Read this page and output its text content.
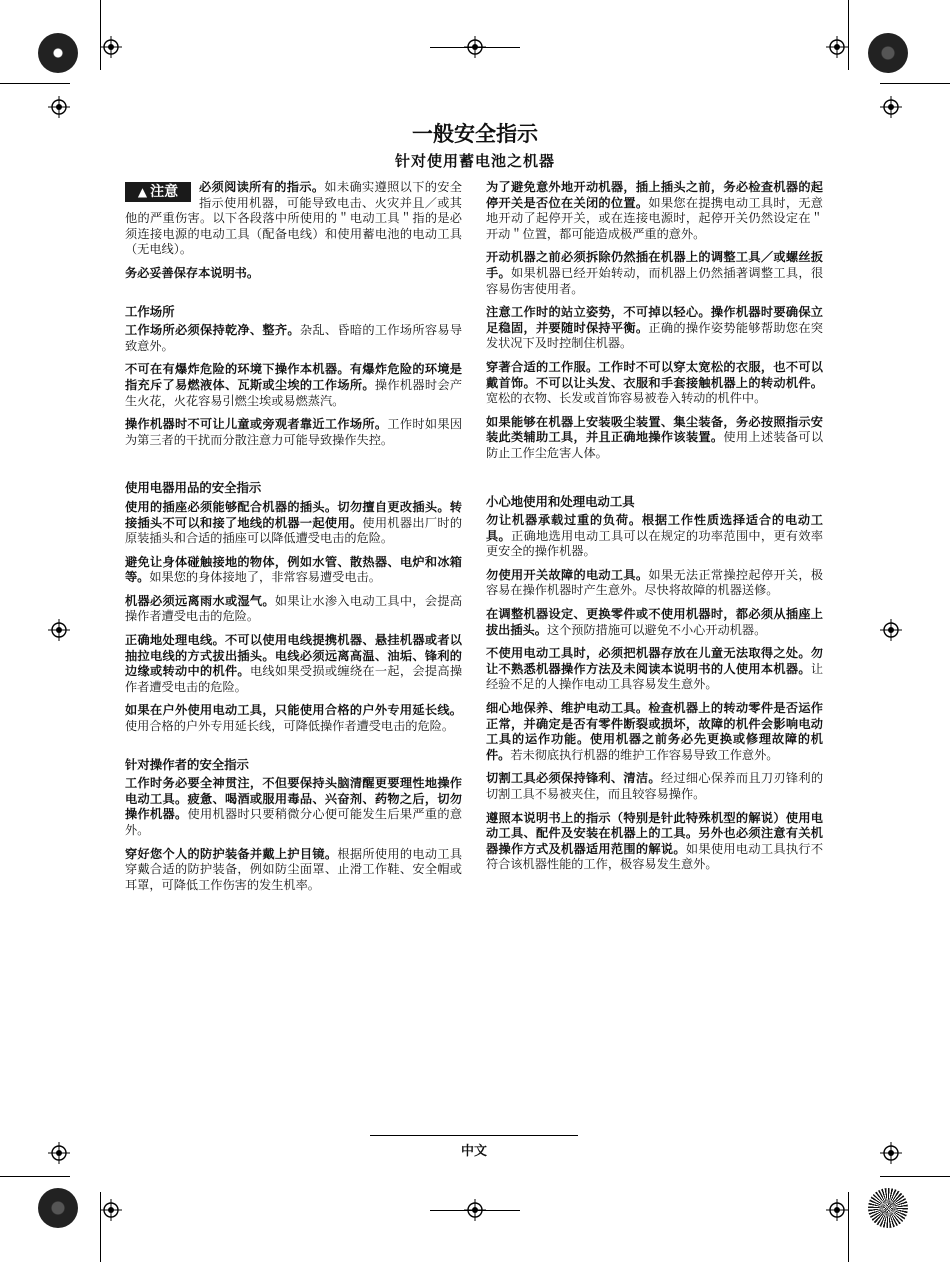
一般安全指示
针对使用蓄电池之机器
▲ 注意	必须阅读所有的指示。如未确实遵照以下的安全指示使用机器，可能导致电击、火灾并且／或其他的严重伤害。以下各段落中所使用的＂电动工具＂指的是必须连接电源的电动工具（配备电线）和使用蓄电池的电动工具（无电线）。

务必妥善保存本说明书。

工作场所

工作场所必须保持乾净、整齐。杂乱、昏暗的工作场所容易导致意外。

不可在有爆炸危险的环境下操作本机器。有爆炸危险的环境是指充斥了易燃液体、瓦斯或尘埃的工作场所。操作机器时会产生火花，火花容易引燃尘埃或易燃蒸汽。

操作机器时不可让儿童或旁观者靠近工作场所。工作时如果因为第三者的干扰而分散注意力可能导致操作失控。

使用电器用品的安全指示

使用的插座必须能够配合机器的插头。切勿擅自更改插头。转接插头不可以和接了地线的机器一起使用。使用机器出厂时的原装插头和合适的插座可以降低遭受电击的危险。

避免让身体碰触接地的物体，例如水管、散热器、电炉和冰箱等。如果您的身体接地了，非常容易遭受电击。

机器必须远离雨水或湿气。如果让水渗入电动工具中，会提高操作者遭受电击的危险。

正确地处理电线。不可以使用电线提携机器、悬挂机器或者以抽拉电线的方式拔出插头。电线必须远离高温、油垢、锋利的边缘或转动中的机件。电线如果受损或缠绕在一起，会提高操作者遭受电击的危险。

如果在户外使用电动工具，只能使用合格的户外专用延长线。使用合格的户外专用延长线，可降低操作者遭受电击的危险。

针对操作者的安全指示

工作时务必要全神贯注，不但要保持头脑清醒更要理性地操作电动工具。疲惫、喝酒或服用毒品、兴奋剂、药物之后，切勿操作机器。使用机器时只要稍微分心便可能发生后果严重的意外。

穿好您个人的防护装备并戴上护目镜。根据所使用的电动工具穿戴合适的防护装备，例如防尘面罩、止滑工作鞋、安全帽或耳罩，可降低工作伤害的发生机率。

为了避免意外地开动机器，插上插头之前，务必检查机器的起停开关是否位在关闭的位置。如果您在提携电动工具时，无意地开动了起停开关，或在连接电源时，起停开关仍然设定在＂开动＂位置，都可能造成极严重的意外。

开动机器之前必须拆除仍然插在机器上的调整工具／或螺丝扳手。如果机器已经开始转动，而机器上仍然插著调整工具，很容易伤害使用者。

注意工作时的站立姿势，不可掉以轻心。操作机器时要确保立足稳固，并要随时保持平衡。正确的操作姿势能够帮助您在突发状况下及时控制住机器。

穿著合适的工作服。工作时不可以穿太宽松的衣服，也不可以戴首饰。不可以让头发、衣服和手套接触机器上的转动机件。宽松的衣物、长发或首饰容易被卷入转动的机件中。

如果能够在机器上安装吸尘装置、集尘装备，务必按照指示安装此类辅助工具，并且正确地操作该装置。使用上述装备可以防止工作尘危害人体。

小心地使用和处理电动工具

勿让机器承载过重的负荷。根据工作性质选择适合的电动工具。正确地选用电动工具可以在规定的功率范围中，更有效率更安全的操作机器。

勿使用开关故障的电动工具。如果无法正常操控起停开关，极容易在操作机器时产生意外。尽快将故障的机器送修。

在调整机器设定、更换零件或不使用机器时，都必须从插座上拔出插头。这个预防措施可以避免不小心开动机器。

不使用电动工具时，必须把机器存放在儿童无法取得之处。勿让不熟悉机器操作方法及未阅读本说明书的人使用本机器。让经验不足的人操作电动工具容易发生意外。

细心地保养、维护电动工具。检查机器上的转动零件是否运作正常，并确定是否有零件断裂或损坏，故障的机件会影响电动工具的运作功能。使用机器之前务必先更换或修理故障的机件。若未彻底执行机器的维护工作容易导致工作意外。

切割工具必须保持锋利、清洁。经过细心保养而且刀刃锋利的切割工具不易被夹住，而且较容易操作。

遵照本说明书上的指示（特别是针此特殊机型的解说）使用电动工具、配件及安装在机器上的工具。另外也必须注意有关机器操作方式及机器适用范围的解说。如果使用电动工具执行不符合该机器性能的工作，极容易发生意外。

中文
